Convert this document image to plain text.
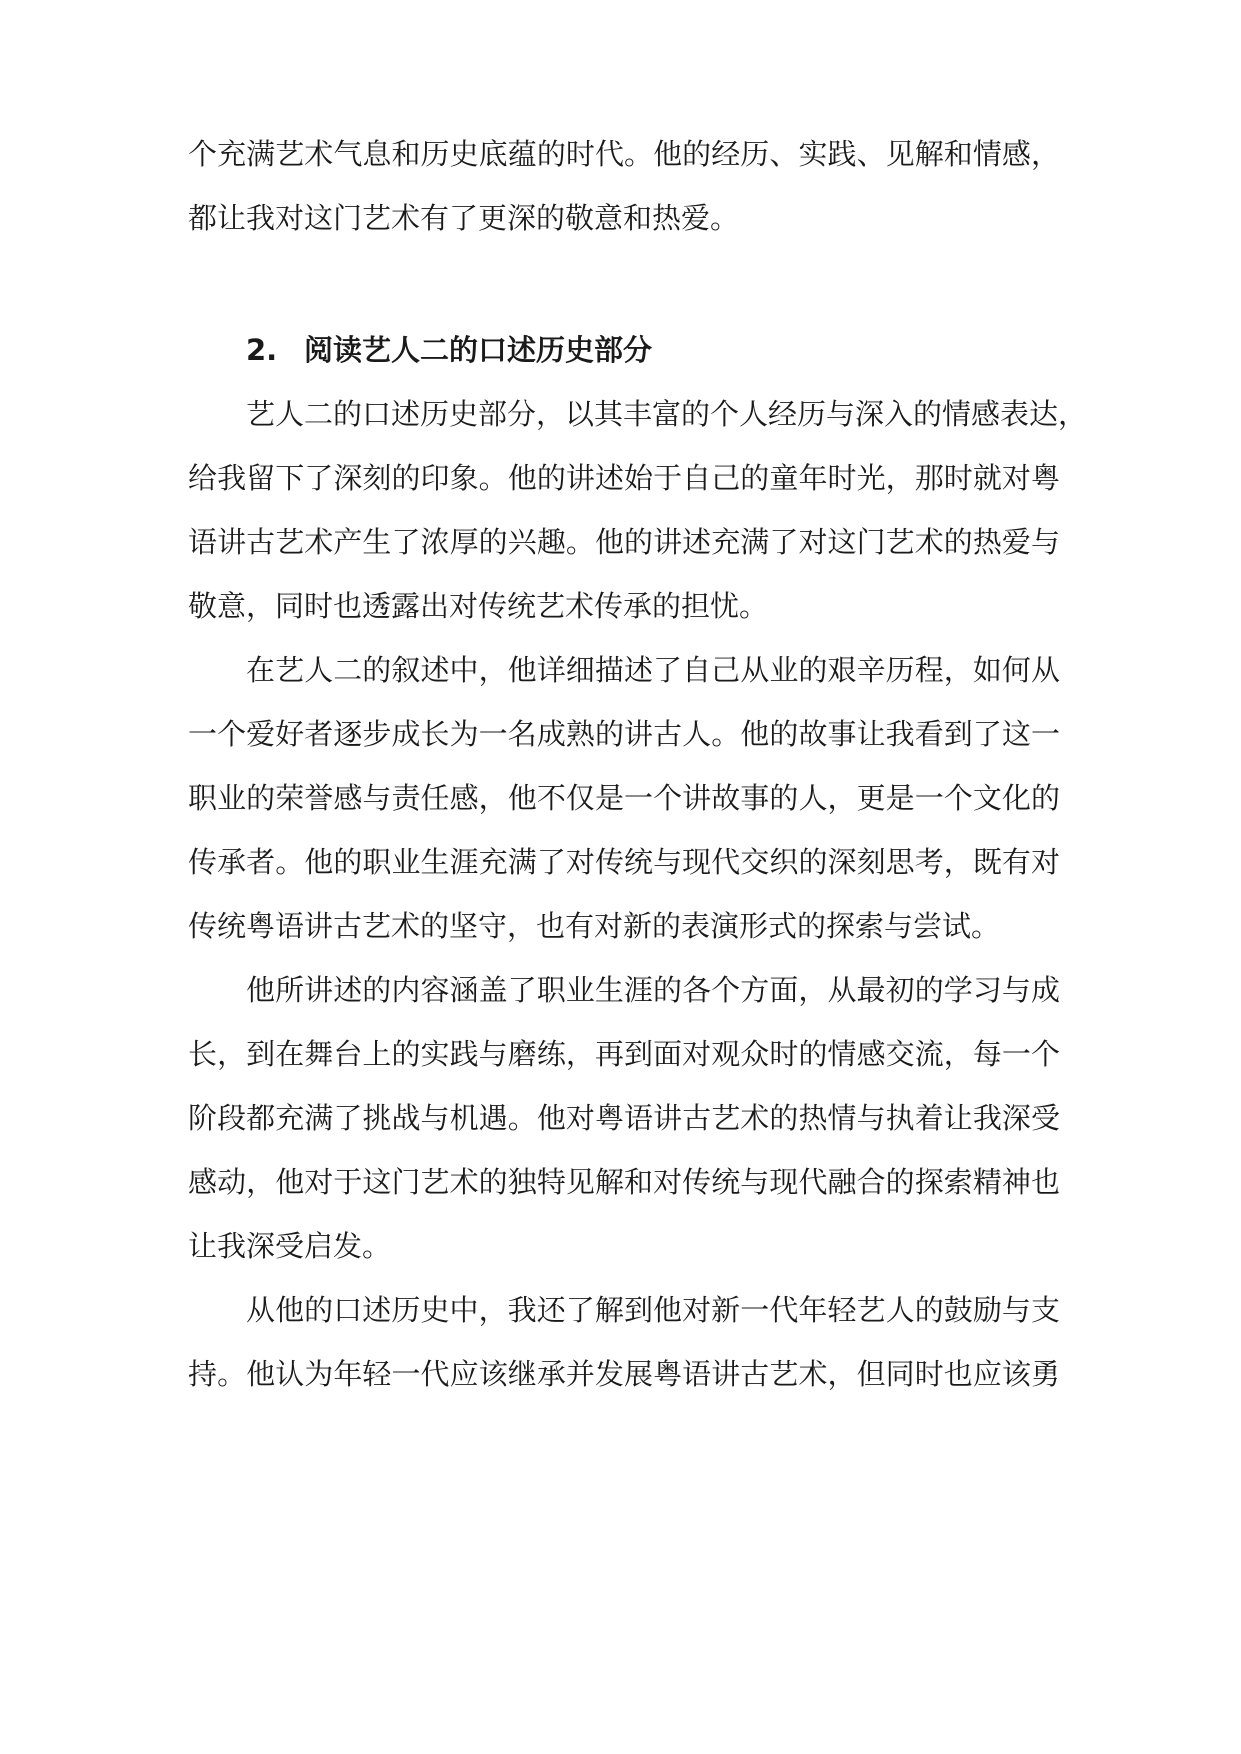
个充满艺术气息和历史底蕴的时代。他的经历、实践、见解和情感，
都让我对这门艺术有了更深的敬意和热爱。
2. 阅读艺人二的口述历史部分
艺人二的口述历史部分，以其丰富的个人经历与深入的情感表达，
给我留下了深刻的印象。他的讲述始于自己的童年时光，那时就对粤
语讲古艺术产生了浓厚的兴趣。他的讲述充满了对这门艺术的热爱与
敬意，同时也透露出对传统艺术传承的担忧。
在艺人二的叙述中，他详细描述了自己从业的艰辛历程，如何从
一个爱好者逐步成长为一名成熟的讲古人。他的故事让我看到了这一
职业的荣誉感与责任感，他不仅是一个讲故事的人，更是一个文化的
传承者。他的职业生涯充满了对传统与现代交织的深刻思考，既有对
传统粤语讲古艺术的坚守，也有对新的表演形式的探索与尝试。
他所讲述的内容涵盖了职业生涯的各个方面，从最初的学习与成
长，到在舞台上的实践与磨练，再到面对观众时的情感交流，每一个
阶段都充满了挑战与机遇。他对粤语讲古艺术的热情与执着让我深受
感动，他对于这门艺术的独特见解和对传统与现代融合的探索精神也
让我深受启发。
从他的口述历史中，我还了解到他对新一代年轻艺人的鼓励与支
持。他认为年轻一代应该继承并发展粤语讲古艺术，但同时也应该勇
